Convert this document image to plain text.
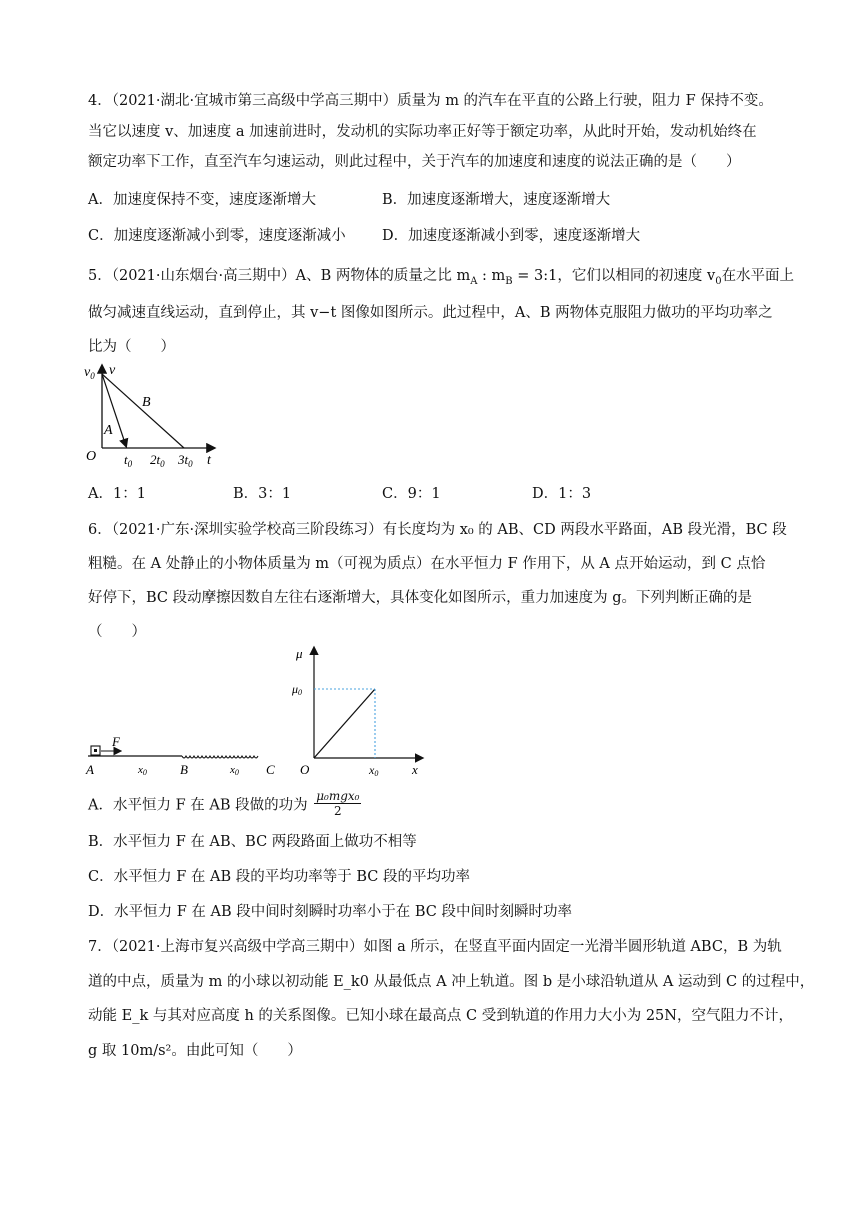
4．（2021·湖北·宜城市第三高级中学高三期中）质量为 m 的汽车在平直的公路上行驶，阻力 F 保持不变。
当它以速度 v、加速度 a 加速前进时，发动机的实际功率正好等于额定功率，从此时开始，发动机始终在
额定功率下工作，直至汽车匀速运动，则此过程中，关于汽车的加速度和速度的说法正确的是（　　）
A．加速度保持不变，速度逐渐增大	B．加速度逐渐增大，速度逐渐增大
C．加速度逐渐减小到零，速度逐渐减小	D．加速度逐渐减小到零，速度逐渐增大
5．（2021·山东烟台·高三期中）A、B 两物体的质量之比 $m_A$ : $m_B$ = 3:1，它们以相同的初速度 $v_0$在水平面上
做匀减速直线运动，直到停止，其 v−t 图像如图所示。此过程中，A、B 两物体克服阻力做功的平均功率之
比为（　　）
v
t
O
$v_0$
B
A
$t_0$ $2t_0$ $3t_0$
A．1：1	B．3：1	C．9：1	D．1：3
6．（2021·广东·深圳实验学校高三阶段练习）有长度均为 x₀ 的 AB、CD 两段水平路面，AB 段光滑，BC 段
粗糙。在 A 处静止的小物体质量为 m（可视为质点）在水平恒力 F 作用下，从 A 点开始运动，到 C 点恰
好停下，BC 段动摩擦因数自左往右逐渐增大，具体变化如图所示，重力加速度为 g。下列判断正确的是
（　　）
F
A	B	C
x0	x0
μ
x
O
μ0
x0
A．水平恒力 F 在 AB 段做的功为
μ₀mgx₀
2
B．水平恒力 F 在 AB、BC 两段路面上做功不相等
C．水平恒力 F 在 AB 段的平均功率等于 BC 段的平均功率
D．水平恒力 F 在 AB 段中间时刻瞬时功率小于在 BC 段中间时刻瞬时功率
7．（2021·上海市复兴高级中学高三期中）如图 a 所示，在竖直平面内固定一光滑半圆形轨道 ABC，B 为轨
道的中点，质量为 m 的小球以初动能 E_k0 从最低点 A 冲上轨道。图 b 是小球沿轨道从 A 运动到 C 的过程中，
动能 E_k 与其对应高度 h 的关系图像。已知小球在最高点 C 受到轨道的作用力大小为 25N，空气阻力不计，
g 取 10m/s²。由此可知（　　）
